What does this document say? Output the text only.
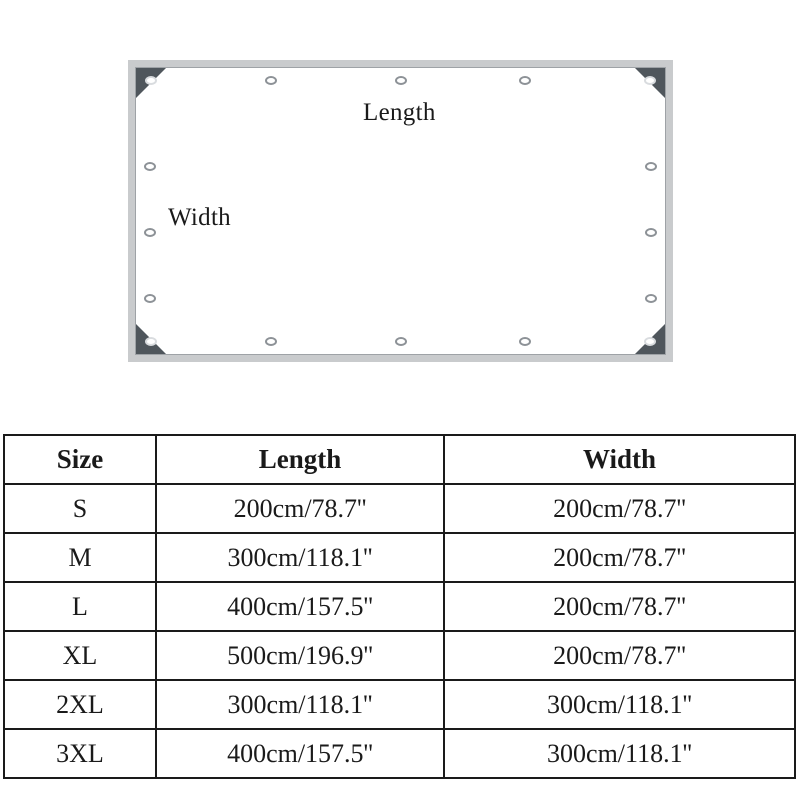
Length
Width
Size	Length	Width
S	200cm/78.7''	200cm/78.7''
M	300cm/118.1''	200cm/78.7''
L	400cm/157.5''	200cm/78.7''
XL	500cm/196.9''	200cm/78.7''
2XL	300cm/118.1''	300cm/118.1''
3XL	400cm/157.5''	300cm/118.1''
